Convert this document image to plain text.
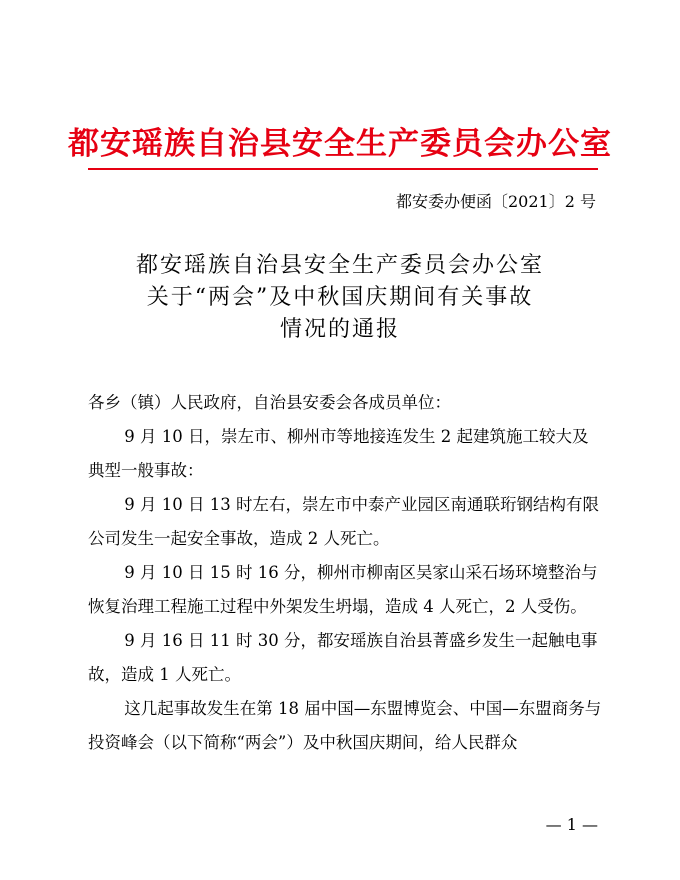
都安瑶族自治县安全生产委员会办公室
都安委办便函〔2021〕2 号
都安瑶族自治县安全生产委员会办公室
关于“两会”及中秋国庆期间有关事故
情况的通报

各乡（镇）人民政府，自治县安委会各成员单位：

9 月 10 日，崇左市、柳州市等地接连发生 2 起建筑施工较大及典型一般事故：

9 月 10 日 13 时左右，崇左市中泰产业园区南通联珩钢结构有限公司发生一起安全事故，造成 2 人死亡。

9 月 10 日 15 时 16 分，柳州市柳南区吴家山采石场环境整治与恢复治理工程施工过程中外架发生坍塌，造成 4 人死亡，2 人受伤。

9 月 16 日 11 时 30 分，都安瑶族自治县菁盛乡发生一起触电事故，造成 1 人死亡。

这几起事故发生在第 18 届中国—东盟博览会、中国—东盟商务与投资峰会（以下简称“两会”）及中秋国庆期间，给人民群众

— 1 —
